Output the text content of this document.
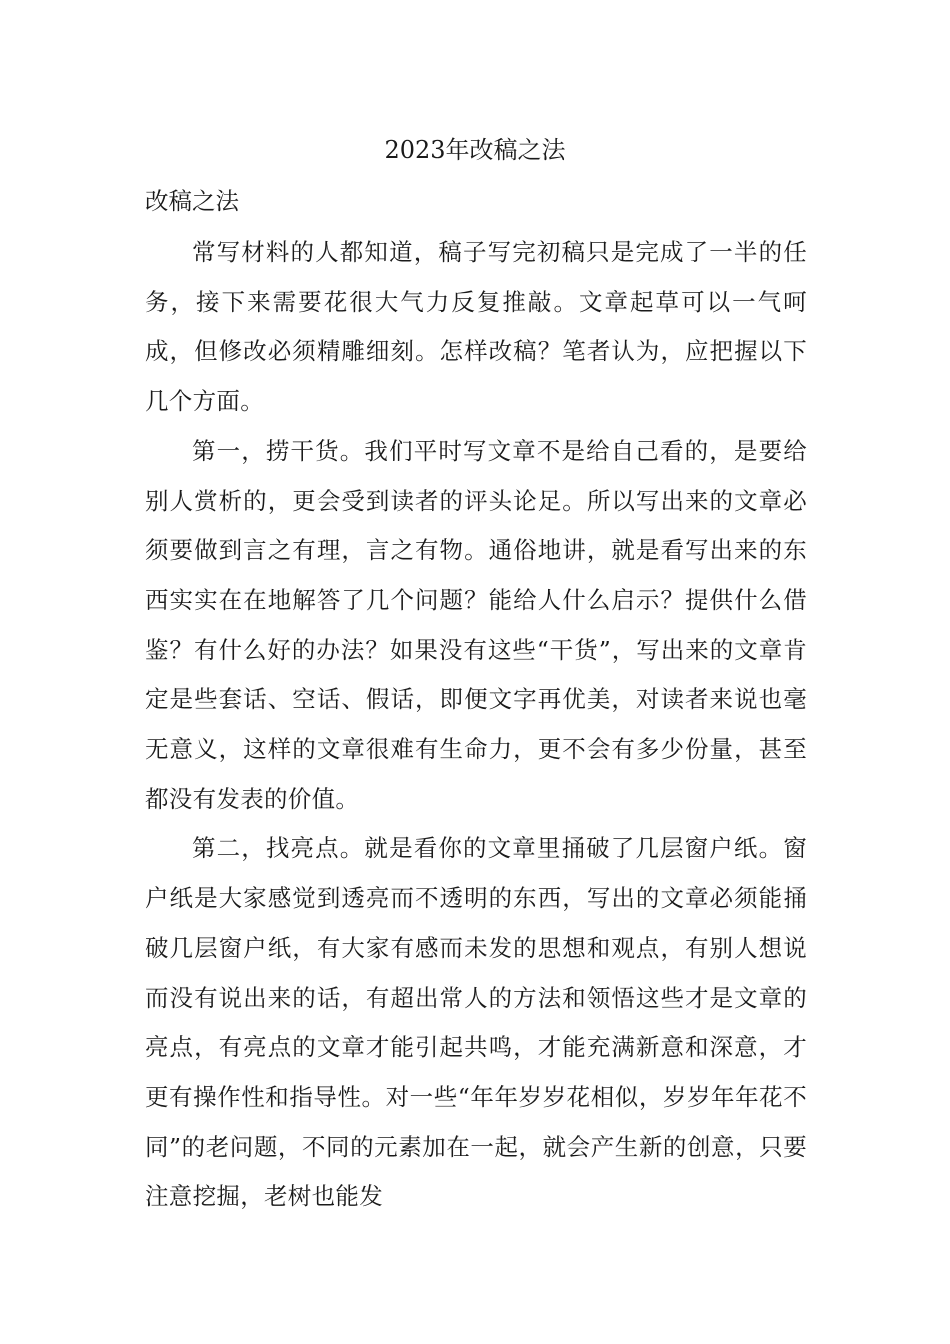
2023年改稿之法
改稿之法

常写材料的人都知道，稿子写完初稿只是完成了一半的任务，接下来需要花很大气力反复推敲。文章起草可以一气呵成，但修改必须精雕细刻。怎样改稿？笔者认为，应把握以下几个方面。

第一，捞干货。我们平时写文章不是给自己看的，是要给别人赏析的，更会受到读者的评头论足。所以写出来的文章必须要做到言之有理，言之有物。通俗地讲，就是看写出来的东西实实在在地解答了几个问题？能给人什么启示？提供什么借鉴？有什么好的办法？如果没有这些“干货”，写出来的文章肯定是些套话、空话、假话，即便文字再优美，对读者来说也毫无意义，这样的文章很难有生命力，更不会有多少份量，甚至都没有发表的价值。

第二，找亮点。就是看你的文章里捅破了几层窗户纸。窗户纸是大家感觉到透亮而不透明的东西，写出的文章必须能捅破几层窗户纸，有大家有感而未发的思想和观点，有别人想说而没有说出来的话，有超出常人的方法和领悟这些才是文章的亮点，有亮点的文章才能引起共鸣，才能充满新意和深意，才更有操作性和指导性。对一些“年年岁岁花相似，岁岁年年花不同”的老问题，不同的元素加在一起，就会产生新的创意，只要注意挖掘，老树也能发
